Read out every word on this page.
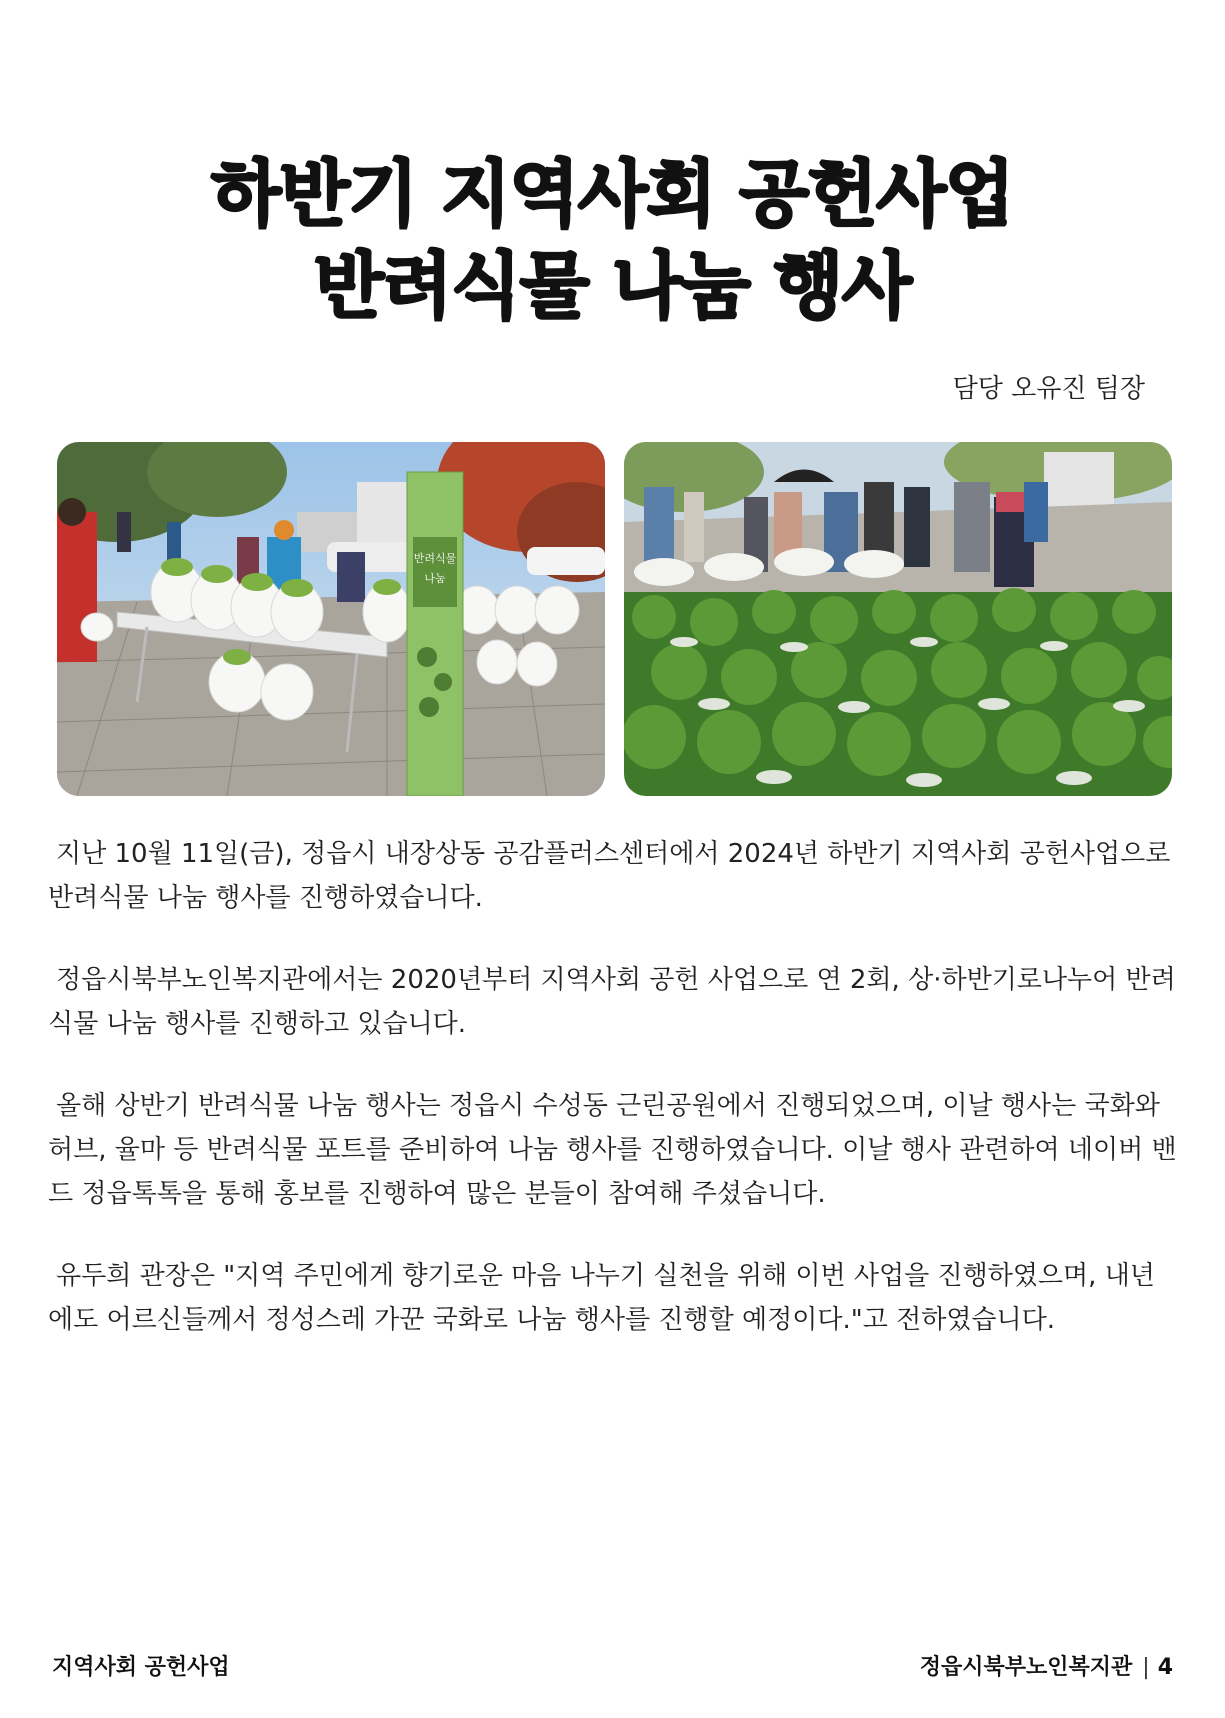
하반기 지역사회 공헌사업
반려식물 나눔 행사
담당 오유진 팀장
반려식물
나눔

지난 10월 11일(금), 정읍시 내장상동 공감플러스센터에서 2024년 하반기 지역사회 공헌사업으로 반려식물 나눔 행사를 진행하였습니다.

정읍시북부노인복지관에서는 2020년부터 지역사회 공헌 사업으로 연 2회, 상·하반기로나누어 반려식물 나눔 행사를 진행하고 있습니다.

올해 상반기 반려식물 나눔 행사는 정읍시 수성동 근린공원에서 진행되었으며, 이날 행사는 국화와 허브, 율마 등 반려식물 포트를 준비하여 나눔 행사를 진행하였습니다. 이날 행사 관련하여 네이버 밴드 정읍톡톡을 통해 홍보를 진행하여 많은 분들이 참여해 주셨습니다.

유두희 관장은 "지역 주민에게 향기로운 마음 나누기 실천을 위해 이번 사업을 진행하였으며, 내년에도 어르신들께서 정성스레 가꾼 국화로 나눔 행사를 진행할 예정이다."고 전하였습니다.

지역사회 공헌사업	정읍시북부노인복지관 | 4
